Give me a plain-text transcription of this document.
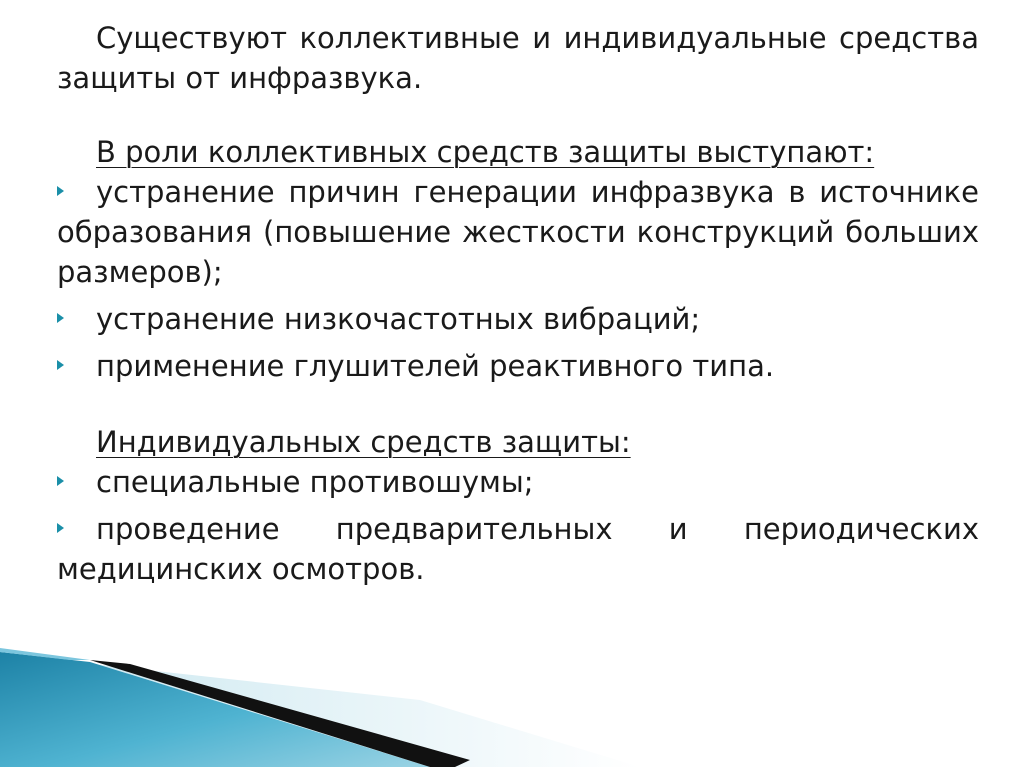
Существуют коллективные и индивидуальные средства защиты от инфразвука.

В роли коллективных средств защиты выступают:

устранение причин генерации инфразвука в источнике образования (повышение жесткости конструкций больших размеров);
устранение низкочастотных вибраций;
применение глушителей реактивного типа.

Индивидуальных средств защиты:

специальные противошумы;
проведение предварительных и периодических медицинских осмотров.
